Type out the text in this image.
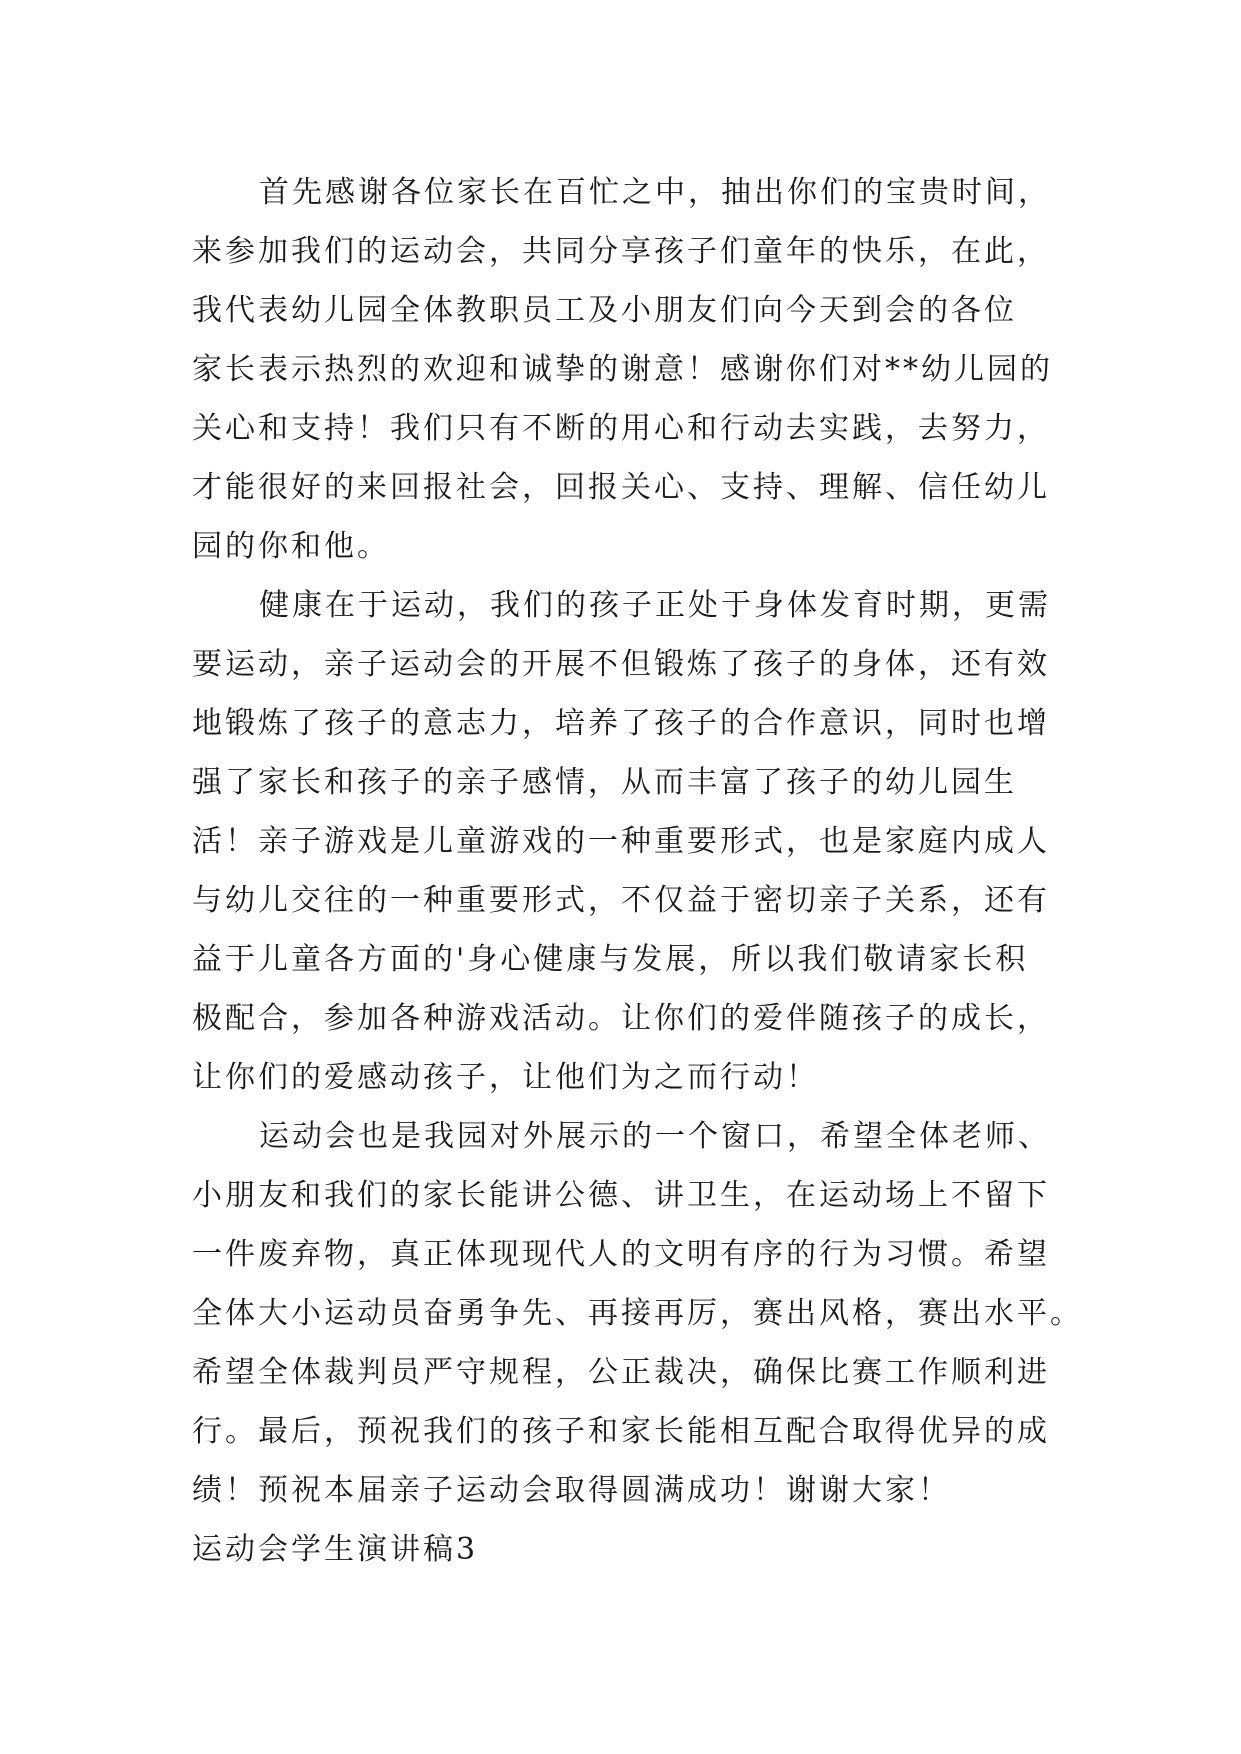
首先感谢各位家长在百忙之中，抽出你们的宝贵时间，
来参加我们的运动会，共同分享孩子们童年的快乐，在此，
我代表幼儿园全体教职员工及小朋友们向今天到会的各位
家长表示热烈的欢迎和诚挚的谢意！感谢你们对**幼儿园的
关心和支持！我们只有不断的用心和行动去实践，去努力，
才能很好的来回报社会，回报关心、支持、理解、信任幼儿
园的你和他。
健康在于运动，我们的孩子正处于身体发育时期，更需
要运动，亲子运动会的开展不但锻炼了孩子的身体，还有效
地锻炼了孩子的意志力，培养了孩子的合作意识，同时也增
强了家长和孩子的亲子感情，从而丰富了孩子的幼儿园生
活！亲子游戏是儿童游戏的一种重要形式，也是家庭内成人
与幼儿交往的一种重要形式，不仅益于密切亲子关系，还有
益于儿童各方面的'身心健康与发展，所以我们敬请家长积
极配合，参加各种游戏活动。让你们的爱伴随孩子的成长，
让你们的爱感动孩子，让他们为之而行动！
运动会也是我园对外展示的一个窗口，希望全体老师、
小朋友和我们的家长能讲公德、讲卫生，在运动场上不留下
一件废弃物，真正体现现代人的文明有序的行为习惯。希望
全体大小运动员奋勇争先、再接再厉，赛出风格，赛出水平。
希望全体裁判员严守规程，公正裁决，确保比赛工作顺利进
行。最后，预祝我们的孩子和家长能相互配合取得优异的成
绩！预祝本届亲子运动会取得圆满成功！谢谢大家！
运动会学生演讲稿3
